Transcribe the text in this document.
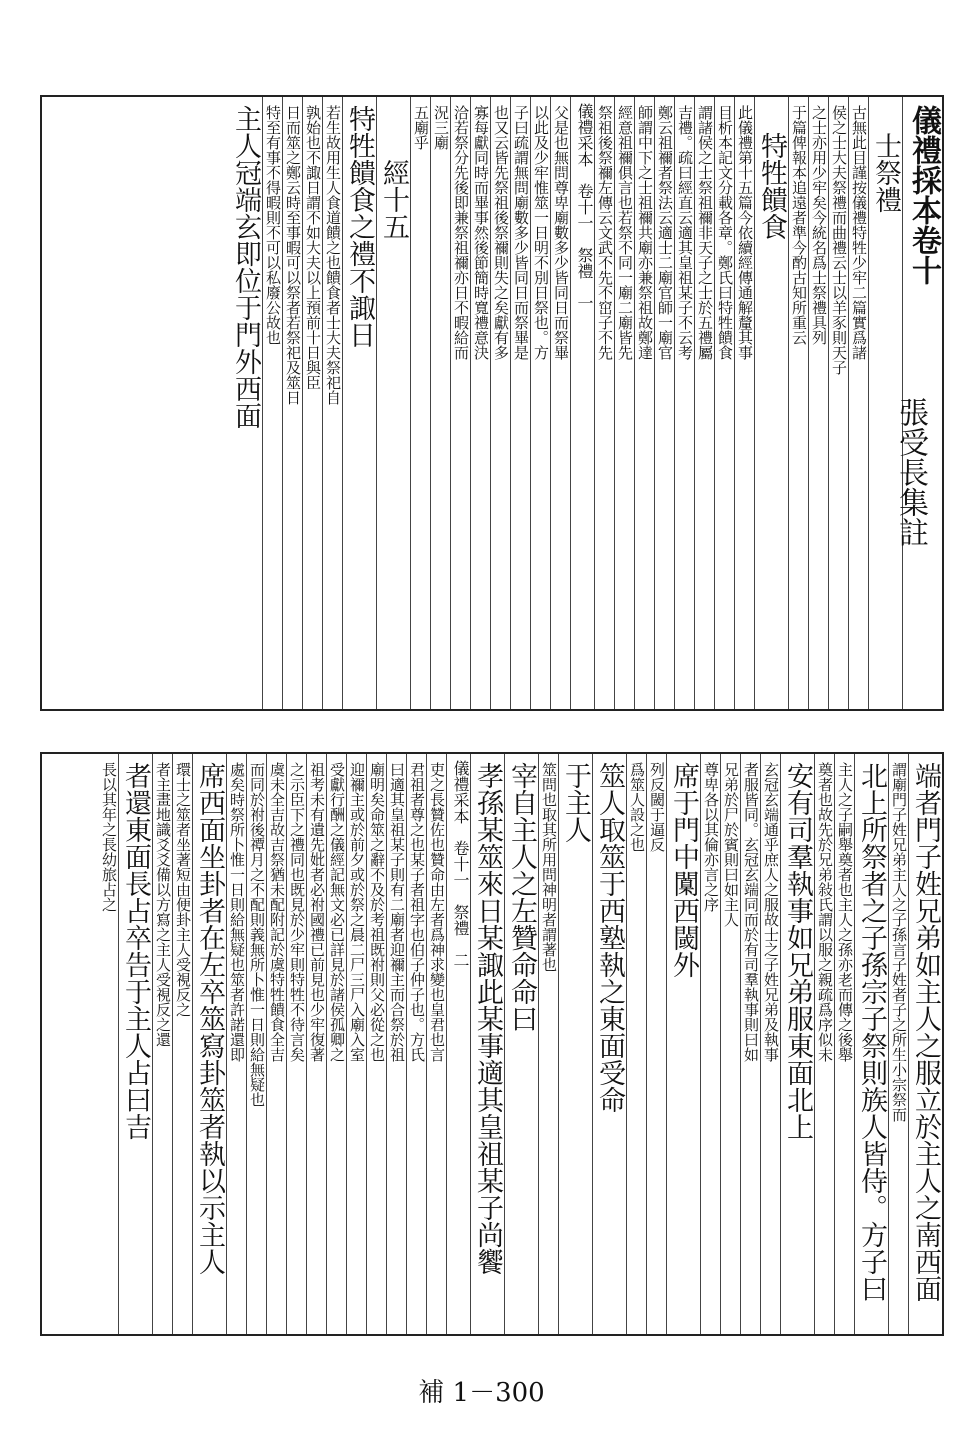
儀禮採本卷十
　士祭禮
古無此目謹按儀禮特牲少牢二篇實爲諸
侯之士大夫祭禮而曲禮云士以羊豕則天子
之士亦用少牢矣今統名爲士祭禮具列
于篇俾報本追遠者準今酌古知所重云
　特牲饋食
此儀禮第十五篇今依續經傳通解釐其事
目析本記文分載各章。鄭氏曰特牲饋食
謂諸侯之士祭祖禰非天子之士於五禮屬
吉禮。疏曰經直云適其皇祖某子不云考
鄭云祖禰者祭法云適士二廟官師一廟官
師謂中下之士祖禰共廟亦兼祭祖故鄭達
經意祖禰俱言也若祭不同一廟二廟皆先
祭祖後祭禰左傳云文武不先不窋子不先
儀禮采本　卷十一　祭禮　一
父是也無問尊卑廟數多少皆同日而祭畢
以此及少牢惟筮一日明不別日祭也。方
子曰疏謂無問廟數多少皆同日而祭畢是
也又云皆先祭祖後祭禰則失之矣獻有多
寡每獻同時而畢事然後節簡時寬禮意決
洽若祭分先後即兼祭祖禰亦日不暇給而
況三廟
五廟乎
　　經十五
特牲饋食之禮不諏日
若生故用生人食道饋之也饋食者士大夫祭祀自
孰始也不諏日謂不如大夫以上預前十日與臣
日而筮之鄭云時至事暇可以祭者若祭祀及筮日
特至有事不得暇則不可以私廢公故也
主人冠端玄即位于門外西面
張受長集註
端者門子姓兄弟如主人之服立於主人之南西面
謂廟門子姓兄弟主人之子孫言子姓者子之所生小宗祭而
北上所祭者之子孫宗子祭則族人皆侍。方子曰
主人之子嗣舉奠者也主人之孫亦老而傳之後舉
奠者也故先於兄弟敍氏謂以服之親疏爲序似未
安有司羣執事如兄弟服東面北上
玄冠玄端通乎庶人之服故士之子姓兄弟及執事
者服皆同。玄冠玄端同而於有司羣執事則曰如
兄弟於尸於賓則曰如主人
尊卑各以其倫亦言之序
席于門中闑西閾外
列反閾于逼反
爲筮人設之也
筮人取筮于西塾執之東面受命
于主人
筮問也取其所用問神明者謂著也
宰自主人之左贊命命曰
孝孫某筮來日某諏此某事適其皇祖某子尚饗
儀禮采本　卷十一　祭禮　二
吏之長贊佐也贊命由左者爲神求變也皇君也言
君祖者尊之也某子者祖字也伯子仲子也。方氏
曰適其皇祖某子則有二廟者迎禰主而合祭於祖
廟明矣命筮之辭不及於考祖既祔則父必從之也
迎禰主或於前夕或於祭之晨二尸三尸入廟入室
受獻行酬之儀經記無文必已詳見於諸侯孤卿之
祖考未有遺先妣者必祔國禮已前見也少牢復著
之示臣下之禮同也既見於少牢則特牲不待言矣
虞未全吉故吉祭猶未配附記於虞特牲饋食全吉
而同於祔後禫月之不配則義無所卜惟一日則給無疑也
處矣時祭所卜惟一日則給無疑也筮者許諾還即
席西面坐卦者在左卒筮寫卦筮者執以示主人
環士之筮者坐著短由便卦主人受視反之
者主畫地識爻爻備以方寫之主人受視反之還
者還東面長占卒告于主人占曰吉
長以其年之長幼旅占之
補 1－300
